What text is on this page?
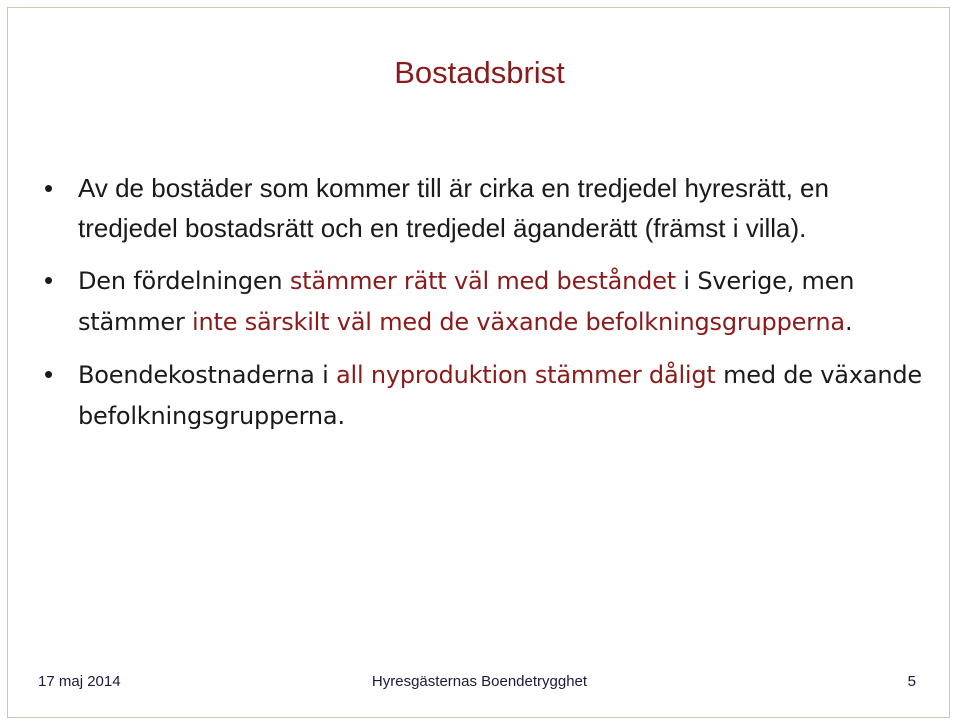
Bostadsbrist
• Av de bostäder som kommer till är cirka en tredjedel hyresrätt, en tredjedel bostadsrätt och en tredjedel äganderätt (främst i villa).
•	Den fördelningen stämmer rätt väl med beståndet i Sverige, men stämmer inte särskilt väl med de växande befolkningsgrupperna.
•	Boendekostnaderna i all nyproduktion stämmer dåligt med de växande befolkningsgrupperna.
17 maj 2014	Hyresgästernas Boendetrygghet	5
